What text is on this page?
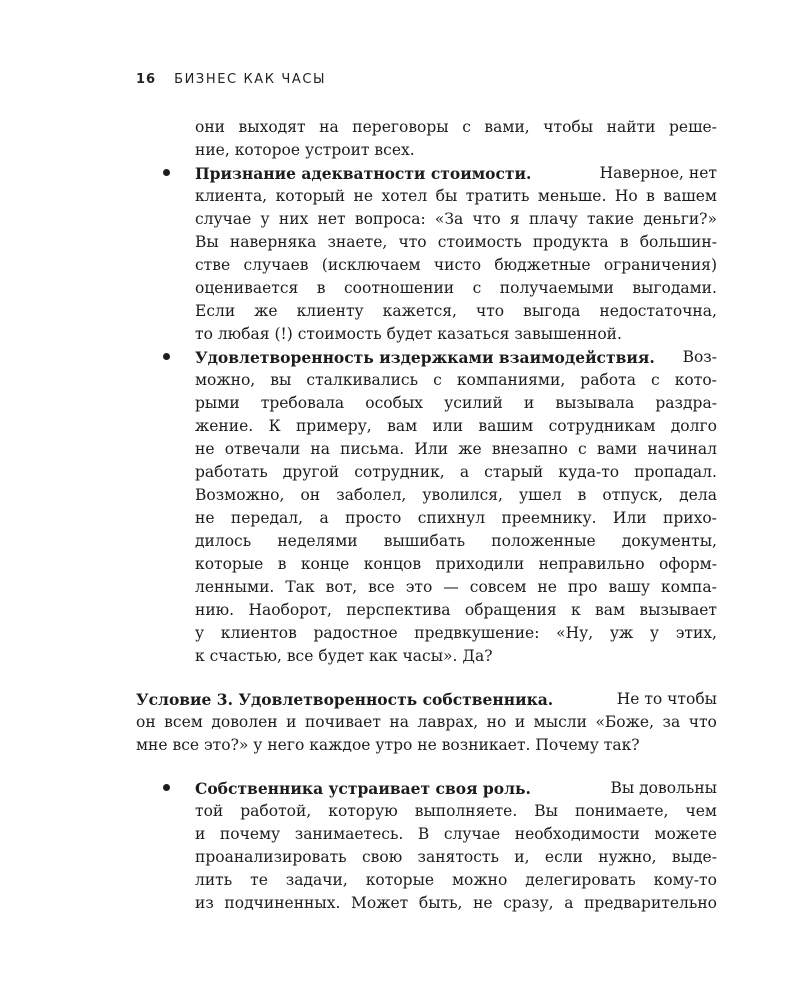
16 БИЗНЕС КАК ЧАСЫ
они выходят на переговоры с вами, чтобы найти реше-
ние, которое устроит всех.
Признание адекватности стоимости.	Наверное, нет
клиента, который не хотел бы тратить меньше. Но в вашем
случае у них нет вопроса: «За что я плачу такие деньги?»
Вы наверняка знаете, что стоимость продукта в большин-
стве случаев (исключаем чисто бюджетные ограничения)
оценивается в соотношении с получаемыми выгодами.
Если же клиенту кажется, что выгода недостаточна,
то любая (!) стоимость будет казаться завышенной.
Удовлетворенность издержками взаимодействия. Воз-
можно, вы сталкивались с компаниями, работа с кото-
рыми требовала особых усилий и вызывала раздра-
жение. К примеру, вам или вашим сотрудникам долго
не отвечали на письма. Или же внезапно с вами начинал
работать другой сотрудник, а старый куда-то пропадал.
Возможно, он заболел, уволился, ушел в отпуск, дела
не передал, а просто спихнул преемнику. Или прихо-
дилось неделями вышибать положенные документы,
которые в конце концов приходили неправильно оформ-
ленными. Так вот, все это — совсем не про вашу компа-
нию. Наоборот, перспектива обращения к вам вызывает
у клиентов радостное предвкушение: «Ну, уж у этих,
к счастью, все будет как часы». Да?
Условие 3. Удовлетворенность собственника.	Не то чтобы
он всем доволен и почивает на лаврах, но и мысли «Боже, за что
мне все это?» у него каждое утро не возникает. Почему так?
Собственника устраивает своя роль.	Вы довольны
той работой, которую выполняете. Вы понимаете, чем
и почему занимаетесь. В случае необходимости можете
проанализировать свою занятость и, если нужно, выде-
лить те задачи, которые можно делегировать кому-то
из подчиненных. Может быть, не сразу, а предварительно
